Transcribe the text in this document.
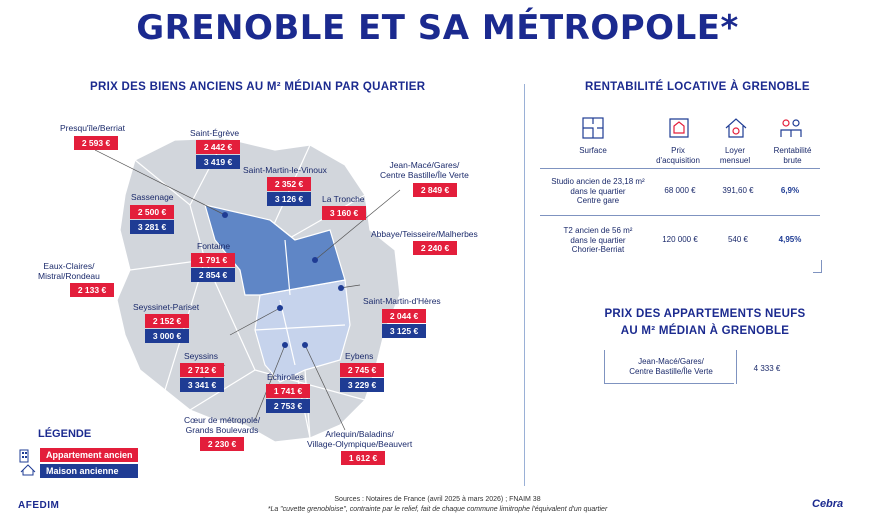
GRENOBLE ET SA MÉTROPOLE*
PRIX DES BIENS ANCIENS AU M² MÉDIAN PAR QUARTIER	RENTABILITÉ LOCATIVE À GRENOBLE
Presqu'île/Berriat
2 593 €
Saint-Égrève
2 442 €
3 419 €
Saint-Martin-le-Vinoux
2 352 €
3 126 €
Jean-Macé/Gares/
Centre Bastille/Île Verte
2 849 €
Sassenage
2 500 €
3 281 €
La Tronche
3 160 €
Abbaye/Teisseire/Malherbes
2 240 €
Fontaine
1 791 €
2 854 €
Eaux-Claires/
Mistral/Rondeau
2 133 €
Seyssinet-Pariset
2 152 €
3 000 €
Saint-Martin-d'Hères
2 044 €
3 125 €
Seyssins
2 712 €
3 341 €
Eybens
2 745 €
3 229 €
Échirolles
1 741 €
2 753 €
Cœur de métropole/
Grands Boulevards
2 230 €
Arlequin/Baladins/
Village-Olympique/Beauvert
1 612 €
LÉGENDE
Appartement ancien
Maison ancienne
Surface	Prix
d'acquisition
Loyer
mensuel
Rentabilité
brute
Studio ancien de 23,18 m²
dans le quartier
Centre gare
68 000 €	391,60 €	6,9%
T2 ancien de 56 m²
dans le quartier
Chorier-Berriat
120 000 €	540 €	4,95%
PRIX DES APPARTEMENTS NEUFS
AU M² MÉDIAN À GRENOBLE
Jean-Macé/Gares/
Centre Bastille/Île Verte	4 333 €
Sources : Notaires de France (avril 2025 à mars 2026) ; FNAIM 38
*La "cuvette grenobloise", contrainte par le relief, fait de chaque commune limitrophe l'équivalent d'un quartier
AFEDIM	Cebra
